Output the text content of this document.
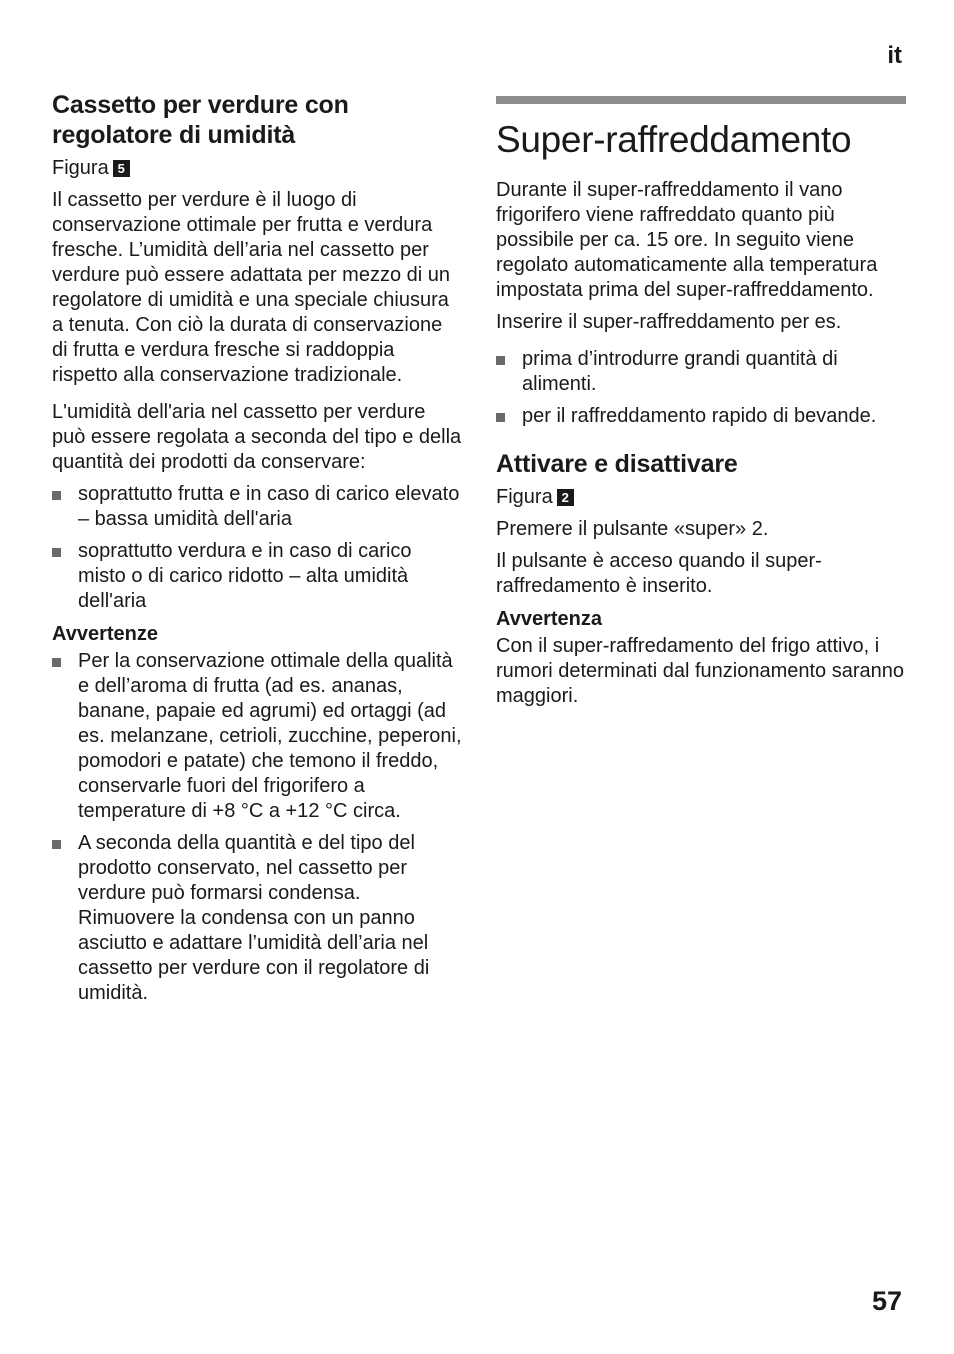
it
Cassetto per verdure con regolatore di umidità

Figura 5

Il cassetto per verdure è il luogo di conservazione ottimale per frutta e verdura fresche. L’umidità dell’aria nel cassetto per verdure può essere adattata per mezzo di un regolatore di umidità e una speciale chiusura a tenuta. Con ciò la durata di conservazione di frutta e verdura fresche si raddoppia rispetto alla conservazione tradizionale.

L'umidità dell'aria nel cassetto per verdure può essere regolata a seconda del tipo e della quantità dei prodotti da conservare:

soprattutto frutta e in caso di carico elevato – bassa umidità dell'aria
soprattutto verdura e in caso di carico misto o di carico ridotto – alta umidità dell'aria
Avvertenze
Per la conservazione ottimale della qualità e dell’aroma di frutta (ad es. ananas, banane, papaie ed agrumi) ed ortaggi (ad es. melanzane, cetrioli, zucchine, peperoni, pomodori e patate) che temono il freddo, conservarle fuori del frigorifero a temperature di +8 °C a +12 °C circa.
A seconda della quantità e del tipo del prodotto conservato, nel cassetto per verdure può formarsi condensa. Rimuovere la condensa con un panno asciutto e adattare l’umidità dell’aria nel cassetto per verdure con il regolatore di umidità.
Super-raffreddamento

Durante il super-raffreddamento il vano frigorifero viene raffreddato quanto più possibile per ca. 15 ore. In seguito viene regolato automaticamente alla temperatura impostata prima del super-raffreddamento.

Inserire il super-raffreddamento per es.

prima d’introdurre grandi quantità di alimenti.
per il raffreddamento rapido di bevande.
Attivare e disattivare

Figura 2

Premere il pulsante «super» 2.

Il pulsante è acceso quando il super-raffredamento è inserito.

Avvertenza

Con il super-raffredamento del frigo attivo, i rumori determinati dal funzionamento saranno maggiori.

57
